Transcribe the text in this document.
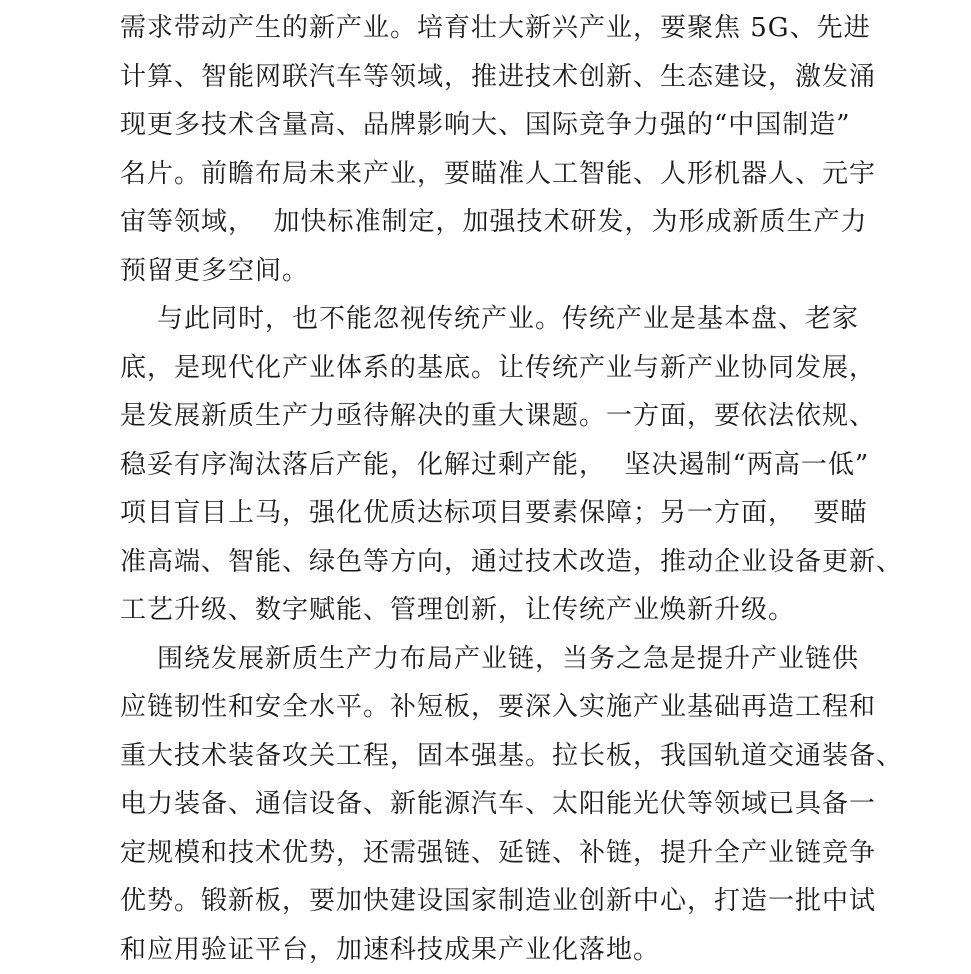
需求带动产生的新产业。培育壮大新兴产业，要聚焦 5G、先进
计算、智能网联汽车等领域，推进技术创新、生态建设，激发涌
现更多技术含量高、品牌影响大、国际竞争力强的“中国制造”
名片。前瞻布局未来产业，要瞄准人工智能、人形机器人、元宇
宙等领域，  加快标准制定，加强技术研发，为形成新质生产力
预留更多空间。
与此同时，也不能忽视传统产业。传统产业是基本盘、老家
底，是现代化产业体系的基底。让传统产业与新产业协同发展，
是发展新质生产力亟待解决的重大课题。一方面，要依法依规、
稳妥有序淘汰落后产能，化解过剩产能，  坚决遏制“两高一低”
项目盲目上马，强化优质达标项目要素保障；另一方面，  要瞄
准高端、智能、绿色等方向，通过技术改造，推动企业设备更新、
工艺升级、数字赋能、管理创新，让传统产业焕新升级。
围绕发展新质生产力布局产业链，当务之急是提升产业链供
应链韧性和安全水平。补短板，要深入实施产业基础再造工程和
重大技术装备攻关工程，固本强基。拉长板，我国轨道交通装备、
电力装备、通信设备、新能源汽车、太阳能光伏等领域已具备一
定规模和技术优势，还需强链、延链、补链，提升全产业链竞争
优势。锻新板，要加快建设国家制造业创新中心，打造一批中试
和应用验证平台，加速科技成果产业化落地。
